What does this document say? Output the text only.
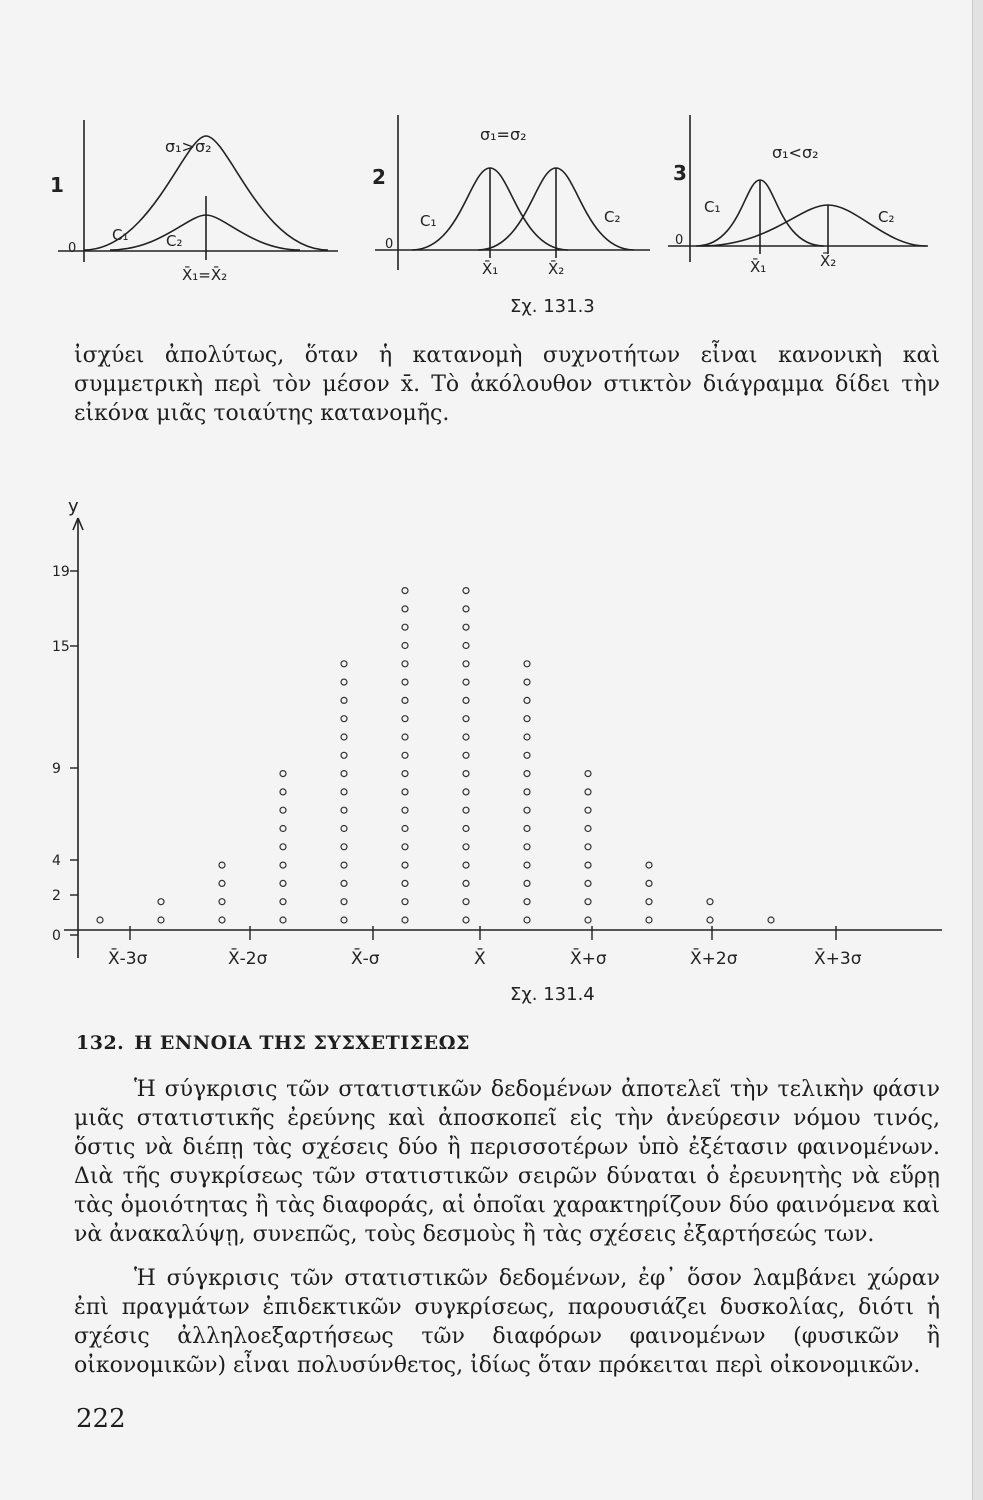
1
σ₁>σ₂
C₁	C₂
0
X̄₁=X̄₂
2
σ₁=σ₂
C₁	C₂
0
X̄₁	X̄₂
3
σ₁<σ₂
C₁
C₂
0
X̄₁	X̄₂
Σχ. 131.3

ἰσχύει ἀπολύτως, ὅταν ἡ κατανομὴ συχνοτήτων εἶναι κανονικὴ καὶ συμμετρικὴ περὶ τὸν μέσον x̄. Τὸ ἀκόλουθον στικτὸν διάγραμμα δίδει τὴν εἰκόνα μιᾶς τοιαύτης κατανομῆς.

y
0
2
4
9
15
19
X̄-3σ	X̄-2σ	X̄-σ	X̄	X̄+σ	X̄+2σ	X̄+3σ
Σχ. 131.4
132. Η ΕΝΝΟΙΑ ΤΗΣ ΣΥΣΧΕΤΙΣΕΩΣ

Ἡ σύγκρισις τῶν στατιστικῶν δεδομένων ἀποτελεῖ τὴν τελικὴν φάσιν μιᾶς στατιστικῆς ἐρεύνης καὶ ἀποσκοπεῖ εἰς τὴν ἀνεύρεσιν νόμου τινός, ὅστις νὰ διέπῃ τὰς σχέσεις δύο ἢ περισσοτέρων ὑπὸ ἐξέτασιν φαινομένων. Διὰ τῆς συγκρίσεως τῶν στατιστικῶν σειρῶν δύναται ὁ ἐρευνητὴς νὰ εὕρῃ τὰς ὁμοιότητας ἢ τὰς διαφοράς, αἱ ὁποῖαι χαρακτηρίζουν δύο φαινόμενα καὶ νὰ ἀνακαλύψῃ, συνεπῶς, τοὺς δεσμοὺς ἢ τὰς σχέσεις ἐξαρτήσεώς των.

Ἡ σύγκρισις τῶν στατιστικῶν δεδομένων, ἐφ᾽ ὅσον λαμβάνει χώραν ἐπὶ πραγμάτων ἐπιδεκτικῶν συγκρίσεως, παρουσιάζει δυσκολίας, διότι ἡ σχέσις ἀλληλοεξαρτήσεως τῶν διαφόρων φαινομένων (φυσικῶν ἢ οἰκονομικῶν) εἶναι πολυσύνθετος, ἰδίως ὅταν πρόκειται περὶ οἰκονομικῶν.

222
